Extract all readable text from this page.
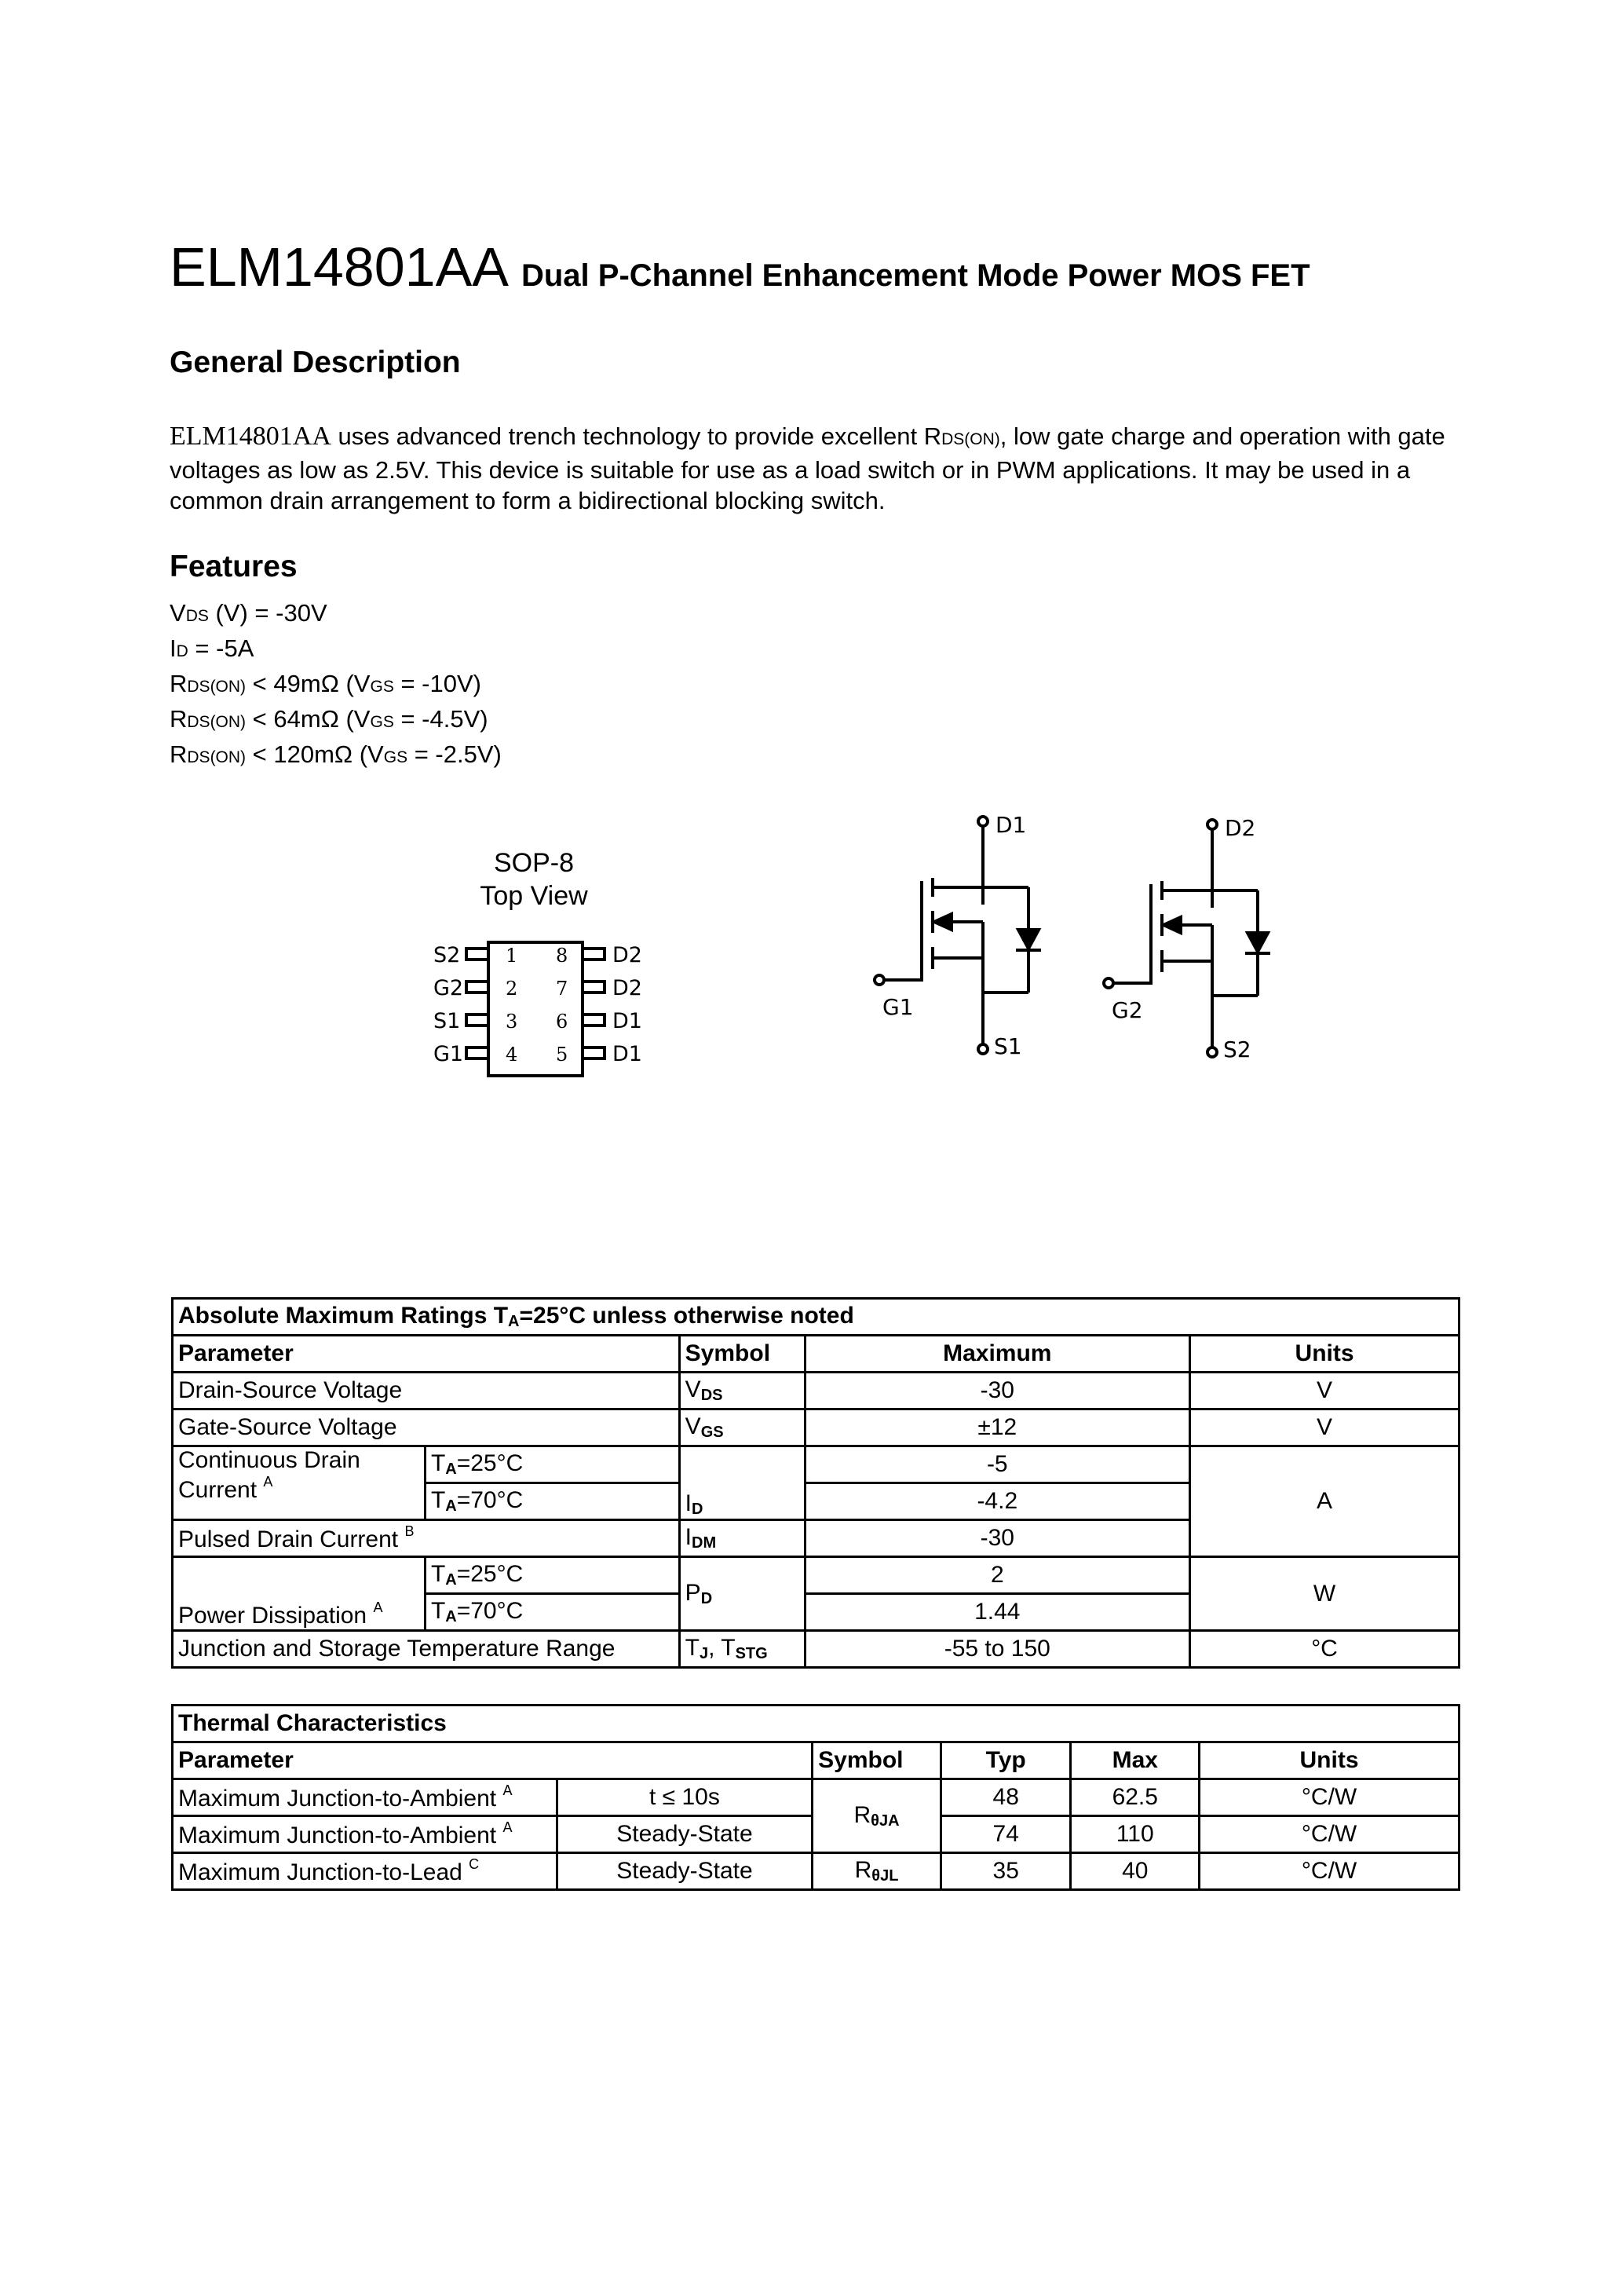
ELM14801AA Dual P-Channel Enhancement Mode Power MOS FET
General Description
ELM14801AA uses advanced trench technology to provide excellent RDS(ON), low gate charge and operation with gate voltages as low as 2.5V. This device is suitable for use as a load switch or in PWM applications. It may be used in a common drain arrangement to form a bidirectional blocking switch.
Features
VDS (V) = -30V
ID = -5A
RDS(ON) < 49mΩ (VGS = -10V)
RDS(ON) < 64mΩ (VGS = -4.5V)
RDS(ON) < 120mΩ (VGS = -2.5V)
SOP-8
Top View
S2 1
G2 2
S1 3
G1 4
D2
8
D2
7
D1
6
D1
5
D1
G1
S1
D2
G2
S2
Absolute Maximum Ratings $T_A=25^\circ C$ unless otherwise noted				
Parameter		Symbol	Maximum	Units
Drain-Source Voltage		$V_{DS}$	-30	V
Gate-Source Voltage		$V_{GS}$	±12	V
Continuous Drain
Current $^A$	$T_A=25^\circ C$	$I_D$	-5	A
	$T_A=70^\circ C$		-4.2	
Pulsed Drain Current $^B$		$I_{DM}$	-30	
Power Dissipation $^A$	$T_A=25^\circ C$	$P_D$	2	W
	$T_A=70^\circ C$		1.44	
Junction and Storage Temperature Range		$T_J$, $T_{STG}$	-55 to 150	°C
Thermal Characteristics					
Parameter		Symbol	Typ	Max	Units
Maximum Junction-to-Ambient $^A$	t ≤ 10s	$R_{\theta JA}$	48	62.5	°C/W
Maximum Junction-to-Ambient $^A$	Steady-State		74	110	°C/W
Maximum Junction-to-Lead $^C$	Steady-State	$R_{\theta JL}$	35	40	°C/W
